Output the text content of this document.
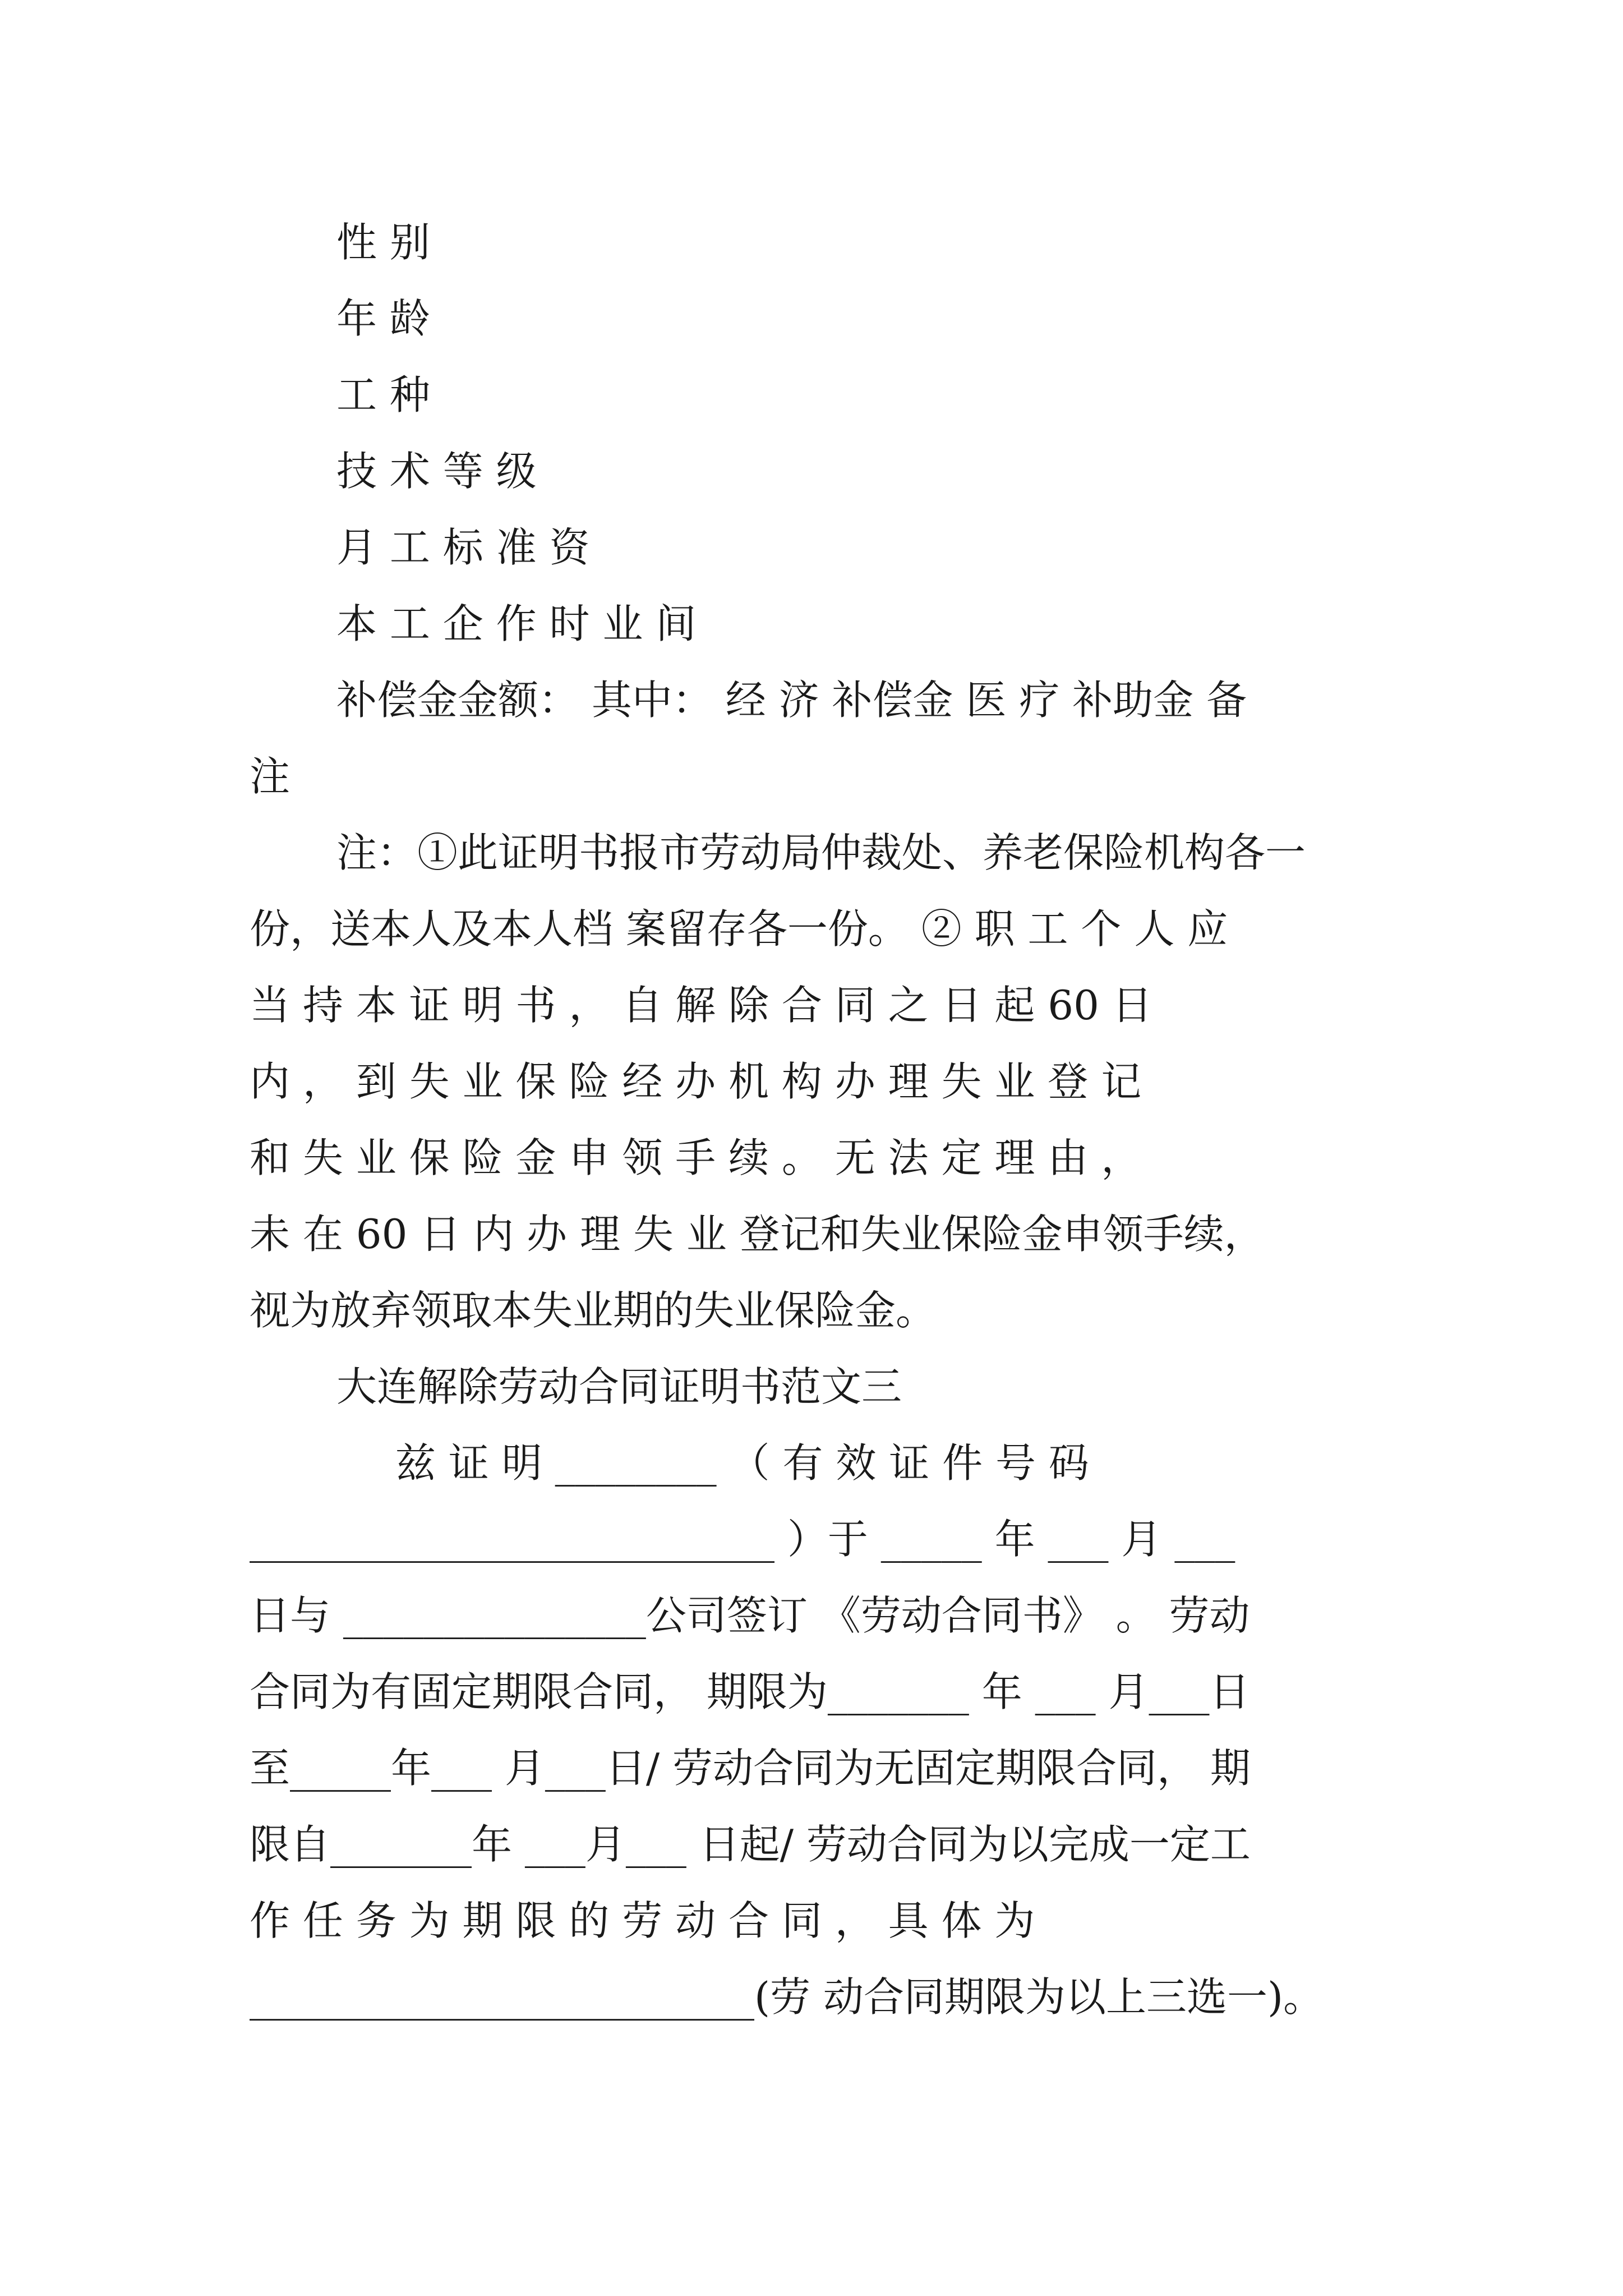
性 别
年 龄
工 种
技 术 等 级
月 工 标 准 资
本 工 企 作 时 业 间
补偿金金额： 其中： 经 济 补偿金 医 疗 补助金 备
注
注：①此证明书报市劳动局仲裁处、养老保险机构各一
份，送本人及本人档 案留存各一份。 ② 职 工 个 人 应
当 持 本 证 明 书 ， 自 解 除 合 同 之 日 起 60 日
内 ， 到 失 业 保 险 经 办 机 构 办 理 失 业 登 记
和 失 业 保 险 金 申 领 手 续 。 无 法 定 理 由 ，
未 在 60 日 内 办 理 失 业 登记和失业保险金申领手续，
视为放弃领取本失业期的失业保险金。
大连解除劳动合同证明书范文三
兹 证 明 ________ （ 有 效 证 件 号 码
__________________________ ）于 _____ 年 ___ 月 ___
日与 _______________公司签订 《劳动合同书》 。 劳动
合同为有固定期限合同， 期限为_______ 年 ___ 月___日
至_____年___ 月___日/ 劳动合同为无固定期限合同， 期
限自_______年 ___月___ 日起/ 劳动合同为以完成一定工
作 任 务 为 期 限 的 劳 动 合 同 ， 具 体 为
_________________________(劳 动合同期限为以上三选一)。
